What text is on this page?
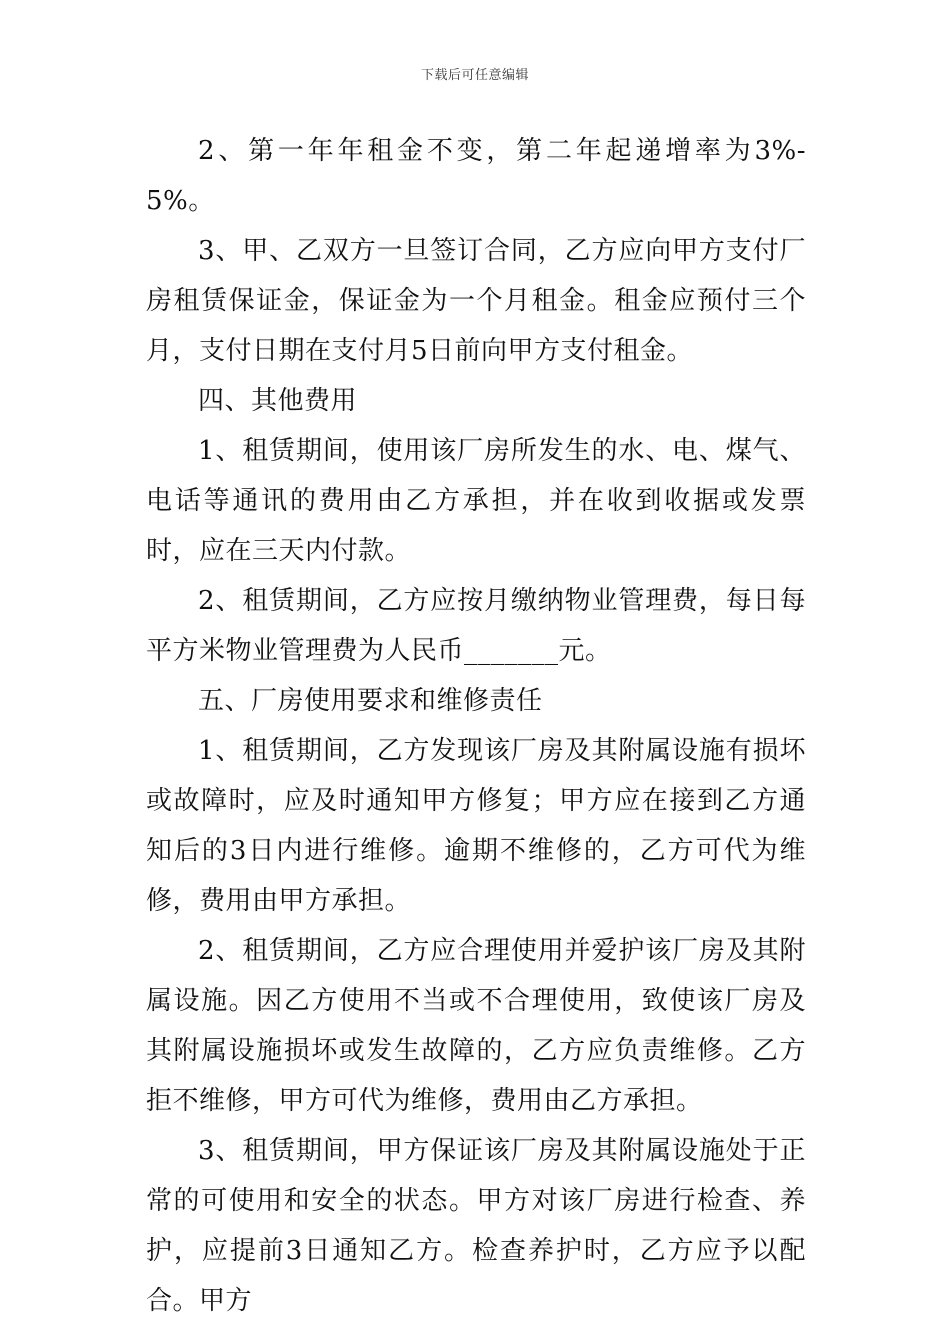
下载后可任意编辑

2、第一年年租金不变，第二年起递增率为3%-5%。

3、甲、乙双方一旦签订合同，乙方应向甲方支付厂房租赁保证金，保证金为一个月租金。租金应预付三个月，支付日期在支付月5日前向甲方支付租金。

四、其他费用

1、租赁期间，使用该厂房所发生的水、电、煤气、电话等通讯的费用由乙方承担，并在收到收据或发票时，应在三天内付款。

2、租赁期间，乙方应按月缴纳物业管理费，每日每平方米物业管理费为人民币_______元。

五、厂房使用要求和维修责任

1、租赁期间，乙方发现该厂房及其附属设施有损坏或故障时，应及时通知甲方修复；甲方应在接到乙方通知后的3日内进行维修。逾期不维修的，乙方可代为维修，费用由甲方承担。

2、租赁期间，乙方应合理使用并爱护该厂房及其附属设施。因乙方使用不当或不合理使用，致使该厂房及其附属设施损坏或发生故障的，乙方应负责维修。乙方拒不维修，甲方可代为维修，费用由乙方承担。

3、租赁期间，甲方保证该厂房及其附属设施处于正常的可使用和安全的状态。甲方对该厂房进行检查、养护，应提前3日通知乙方。检查养护时，乙方应予以配合。甲方
